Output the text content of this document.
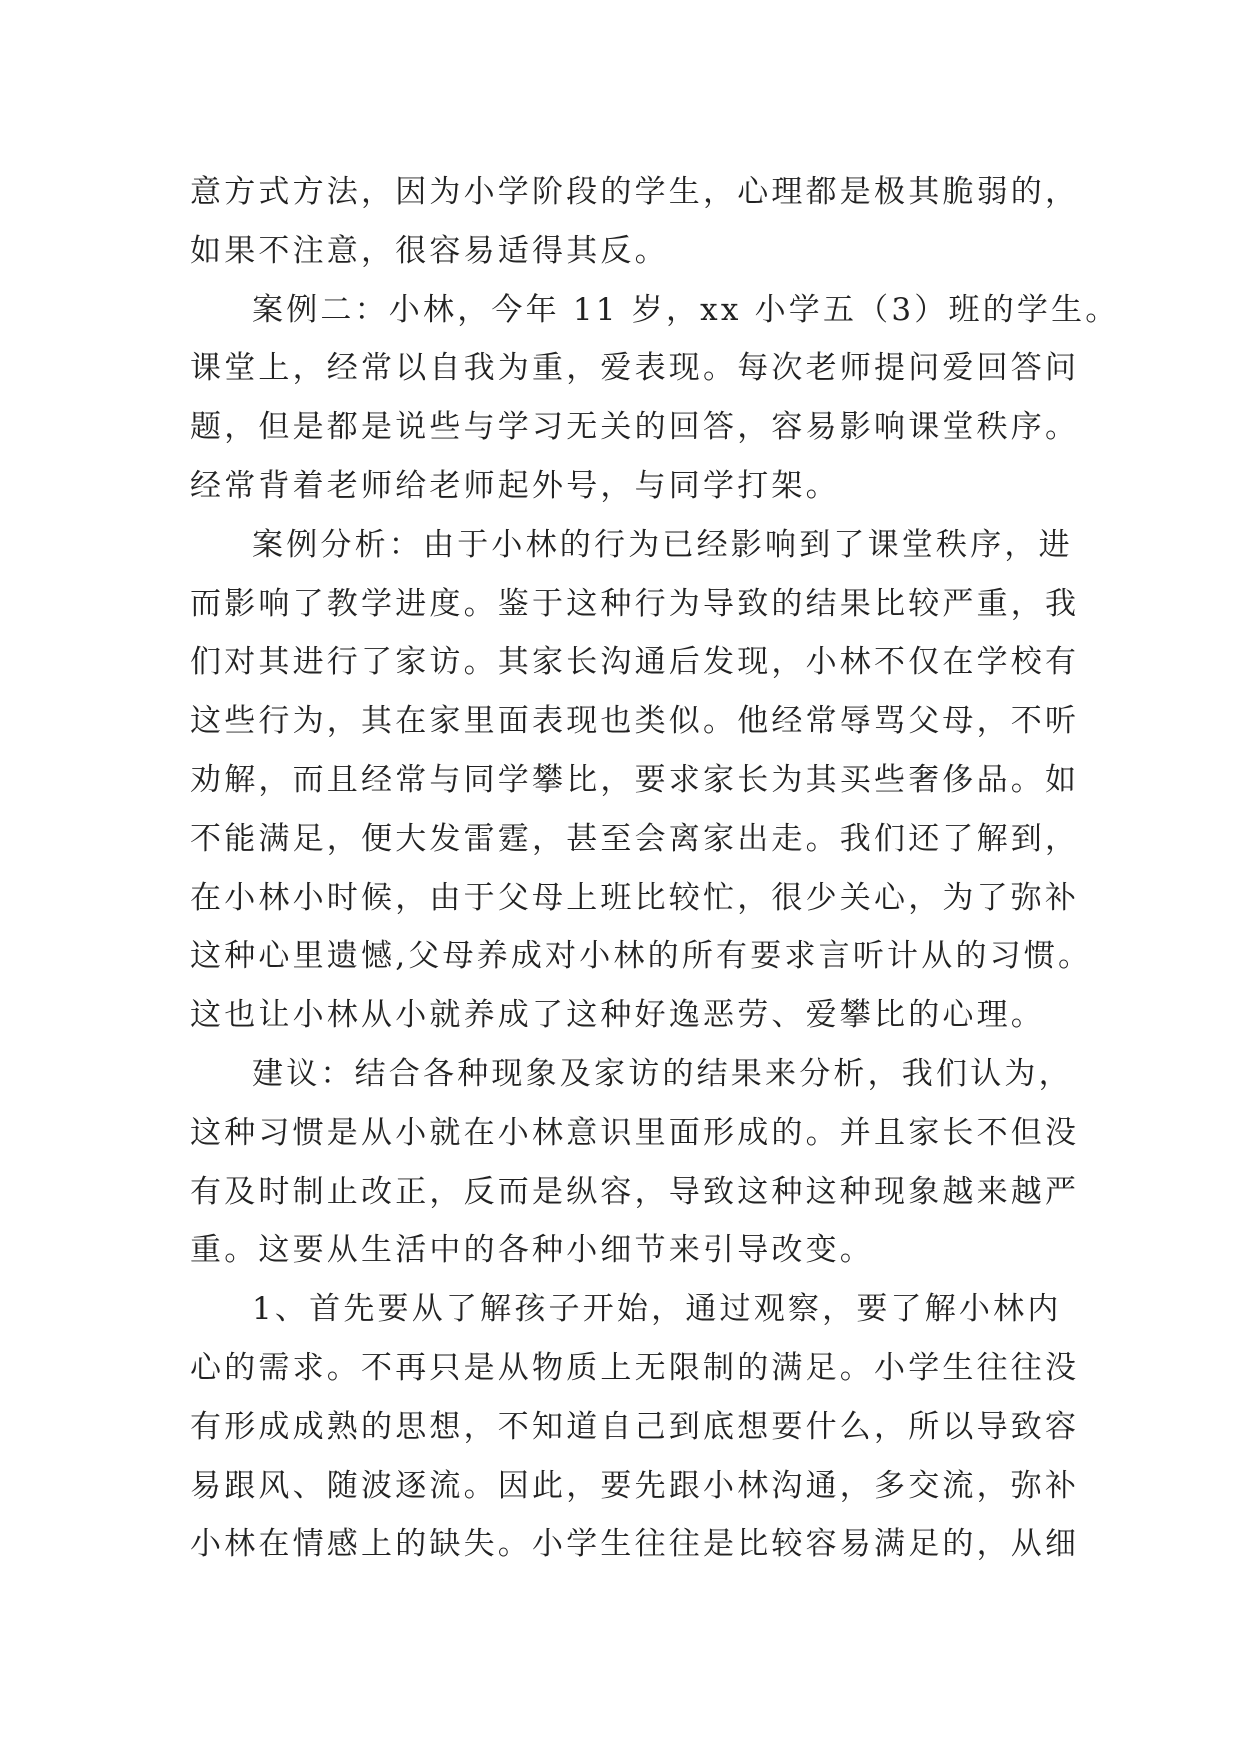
意方式方法，因为小学阶段的学生，心理都是极其脆弱的，
如果不注意，很容易适得其反。
案例二：小林，今年 11 岁，xx 小学五（3）班的学生。
课堂上，经常以自我为重，爱表现。每次老师提问爱回答问
题，但是都是说些与学习无关的回答，容易影响课堂秩序。
经常背着老师给老师起外号，与同学打架。
案例分析：由于小林的行为已经影响到了课堂秩序，进
而影响了教学进度。鉴于这种行为导致的结果比较严重，我
们对其进行了家访。其家长沟通后发现，小林不仅在学校有
这些行为，其在家里面表现也类似。他经常辱骂父母，不听
劝解，而且经常与同学攀比，要求家长为其买些奢侈品。如
不能满足，便大发雷霆，甚至会离家出走。我们还了解到，
在小林小时候，由于父母上班比较忙，很少关心，为了弥补
这种心里遗憾,父母养成对小林的所有要求言听计从的习惯。
这也让小林从小就养成了这种好逸恶劳、爱攀比的心理。
建议：结合各种现象及家访的结果来分析，我们认为，
这种习惯是从小就在小林意识里面形成的。并且家长不但没
有及时制止改正，反而是纵容，导致这种这种现象越来越严
重。这要从生活中的各种小细节来引导改变。
1、首先要从了解孩子开始，通过观察，要了解小林内
心的需求。不再只是从物质上无限制的满足。小学生往往没
有形成成熟的思想，不知道自己到底想要什么，所以导致容
易跟风、随波逐流。因此，要先跟小林沟通，多交流，弥补
小林在情感上的缺失。小学生往往是比较容易满足的，从细
